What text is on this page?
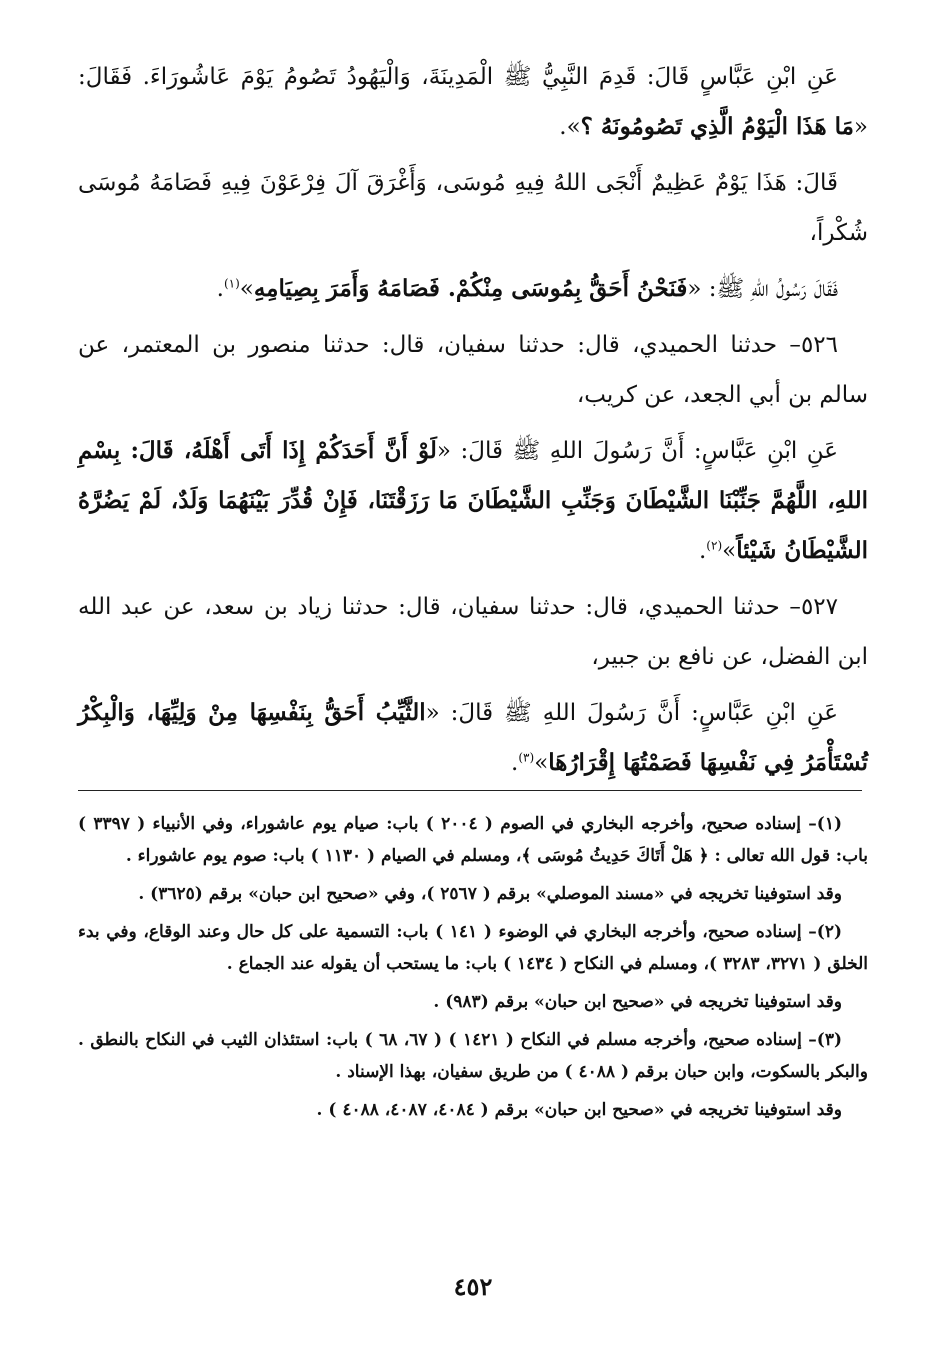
عَنِ ابْنِ عَبَّاسٍ قَالَ: قَدِمَ النَّبِيُّ ﷺ الْمَدِينَةَ، وَالْيَهُودُ تَصُومُ يَوْمَ عَاشُورَاءَ. فَقَالَ: «مَا هَذَا الْيَوْمُ الَّذِي تَصُومُونَهُ ؟».

قَالَ: هَذَا يَوْمٌ عَظِيمٌ أَنْجَى اللهُ فِيهِ مُوسَى، وَأَغْرَقَ آلَ فِرْعَوْنَ فِيهِ فَصَامَهُ مُوسَى شُكْراً،

فَقَالَ رَسُولُ اللهِ ﷺ: «فَنَحْنُ أَحَقُّ بِمُوسَى مِنْكُمْ. فَصَامَهُ وَأَمَرَ بِصِيَامِهِ»$^{(١)}$.

٥٢٦– حدثنا الحميدي، قال: حدثنا سفيان، قال: حدثنا منصور بن المعتمر، عن سالم بن أبي الجعد، عن كريب،

عَنِ ابْنِ عَبَّاسٍ: أَنَّ رَسُولَ اللهِ ﷺ قَالَ: «لَوْ أَنَّ أَحَدَكُمْ إِذَا أَتَى أَهْلَهُ، قَالَ: بِسْمِ اللهِ، اللَّهُمَّ جَنِّبْنَا الشَّيْطَانَ وَجَنِّبِ الشَّيْطَانَ مَا رَزَقْتَنَا، فَإِنْ قُدِّرَ بَيْنَهُمَا وَلَدٌ، لَمْ يَضُرَّهُ الشَّيْطَانُ شَيْئاً»$^{(٢)}$.

٥٢٧– حدثنا الحميدي، قال: حدثنا سفيان، قال: حدثنا زياد بن سعد، عن عبد الله ابن الفضل، عن نافع بن جبير،

عَنِ ابْنِ عَبَّاسٍ: أَنَّ رَسُولَ اللهِ ﷺ قَالَ: «الثَّيِّبُ أَحَقُّ بِنَفْسِهَا مِنْ وَلِيِّهَا، وَالْبِكْرُ تُسْتَأْمَرُ فِي نَفْسِهَا فَصَمْتُهَا إِقْرَارُهَا»$^{(٣)}$.

(١)– إسناده صحيح، وأخرجه البخاري في الصوم ( ٢٠٠٤ ) باب: صيام يوم عاشوراء، وفي الأنبياء ( ٣٣٩٧ ) باب: قول الله تعالى : ﴿ هَلْ أَتَاكَ حَدِيثُ مُوسَى ﴾، ومسلم في الصيام ( ١١٣٠ ) باب: صوم يوم عاشوراء .

وقد استوفينا تخريجه في «مسند الموصلي» برقم ( ٢٥٦٧ )، وفي «صحيح ابن حبان» برقم (٣٦٢٥) .

(٢)– إسناده صحيح، وأخرجه البخاري في الوضوء ( ١٤١ ) باب: التسمية على كل حال وعند الوقاع، وفي بدء الخلق ( ٣٢٧١، ٣٢٨٣ )، ومسلم في النكاح ( ١٤٣٤ ) باب: ما يستحب أن يقوله عند الجماع .

وقد استوفينا تخريجه في «صحيح ابن حبان» برقم (٩٨٣) .

(٣)– إسناده صحيح، وأخرجه مسلم في النكاح ( ١٤٢١ ) ( ٦٧، ٦٨ ) باب: استئذان الثيب في النكاح بالنطق . والبكر بالسكوت، وابن حبان برقم ( ٤٠٨٨ ) من طريق سفيان، بهذا الإسناد .

وقد استوفينا تخريجه في «صحيح ابن حبان» برقم ( ٤٠٨٤، ٤٠٨٧، ٤٠٨٨ ) .

٤٥٢
